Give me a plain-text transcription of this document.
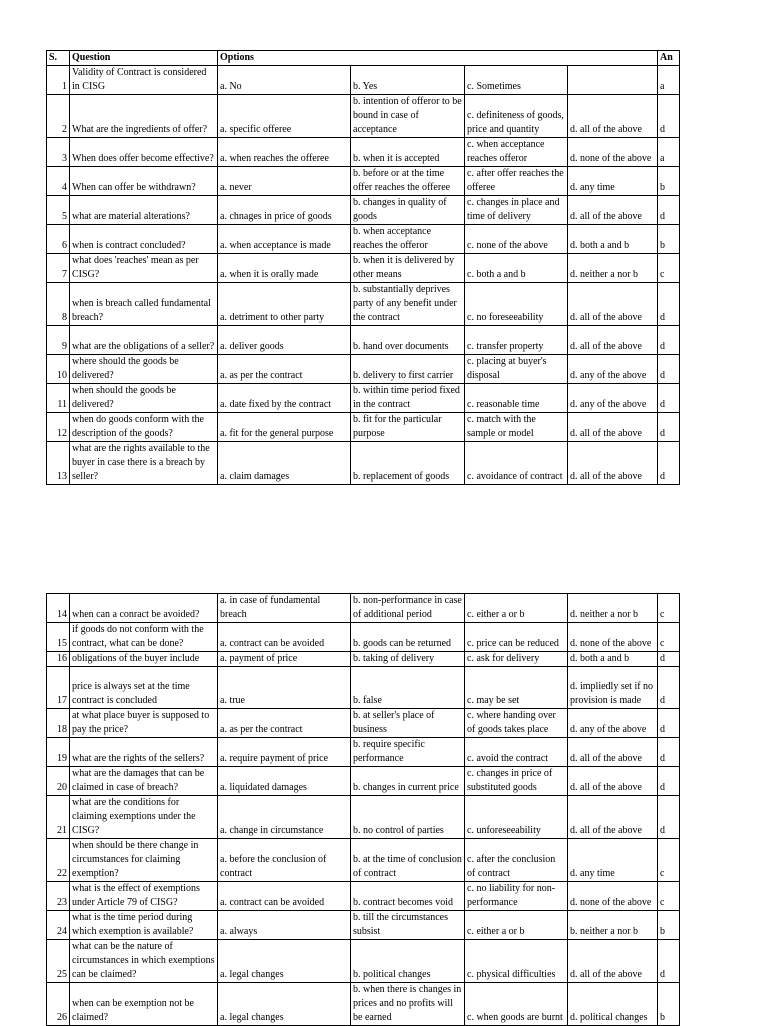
S.	Question	Options				An
1	Validity of Contract is considered in CISG	a. No	b. Yes	c. Sometimes		a
2	What are the ingredients of offer?	a. specific offeree	b. intention of offeror to be bound in case of acceptance	c. definiteness of goods, price and quantity	d. all of the above	d
3	When does offer become effective?	a. when reaches the offeree	b. when it is accepted	c. when acceptance reaches offeror	d. none of the above	a
4	When can offer be withdrawn?	a. never	b. before or at the time offer reaches the offeree	c. after offer reaches the offeree	d. any time	b
5	what are material alterations?	a. chnages in price of goods	b. changes in quality of goods	c. changes in place and time of delivery	d. all of the above	d
6	when is contract concluded?	a. when acceptance is made	b. when acceptance reaches the offeror	c. none of the above	d. both a and b	b
7	what does 'reaches' mean as per CISG?	a. when it is orally made	b. when it is delivered by other means	c. both a and b	d. neither a nor b	c
8	when is breach called fundamental breach?	a. detriment to other party	b. substantially deprives party of any benefit under the contract	c. no foreseeability	d. all of the above	d
9	what are the obligations of a seller?	a. deliver goods	b. hand over documents	c. transfer property	d. all of the above	d
10	where should the goods be delivered?	a. as per the contract	b. delivery to first carrier	c. placing at buyer's disposal	d. any of the above	d
11	when should the goods be delivered?	a. date fixed by the contract	b. within time period fixed in the contract	c. reasonable time	d. any of the above	d
12	when do goods conform with the description of the goods?	a. fit for the general purpose	b. fit for the particular purpose	c. match with the sample or model	d. all of the above	d
13	what are the rights available to the buyer in case there is a breach by seller?	a. claim damages	b. replacement of goods	c. avoidance of contract	d. all of the above	d
14	when can a conract be avoided?	a. in case of fundamental breach	b. non-performance in case of additional period	c. either a or b	d. neither a nor b	c
15	if goods do not conform with the contract, what can be done?	a. contract can be avoided	b. goods can be returned	c. price can be reduced	d. none of the above	c
16	obligations of the buyer include	a. payment of price	b. taking of delivery	c. ask for delivery	d. both a and b	d
17	price is always set at the time contract is concluded	a. true	b. false	c. may be set	d. impliedly set if no provision is made	d
18	at what place buyer is supposed to pay the price?	a. as per the contract	b. at seller's place of business	c. where handing over of goods takes place	d. any of the above	d
19	what are the rights of the sellers?	a. require payment of price	b. require specific performance	c. avoid the contract	d. all of the above	d
20	what are the damages that can be claimed in case of breach?	a. liquidated damages	b. changes in current price	c. changes in price of substituted goods	d. all of the above	d
21	what are the conditions for claiming exemptions under the CISG?	a. change in circumstance	b. no control of parties	c. unforeseeability	d. all of the above	d
22	when should be there change in circumstances for claiming exemption?	a. before the conclusion of contract	b. at the time of conclusion of contract	c. after the conclusion of contract	d. any time	c
23	what is the effect of exemptions under Article 79 of CISG?	a. contract can be avoided	b. contract becomes void	c. no liability for non-performance	d. none of the above	c
24	what is the time period during which exemption is available?	a. always	b. till the circumstances subsist	c. either a or b	b. neither a nor b	b
25	what can be the nature of circumstances in which exemptions can be claimed?	a. legal changes	b. political changes	c. physical difficulties	d. all of the above	d
26	when can be exemption not be claimed?	a. legal changes	b. when there is changes in prices and no profits will be earned	c. when goods are burnt	d. political changes	b
